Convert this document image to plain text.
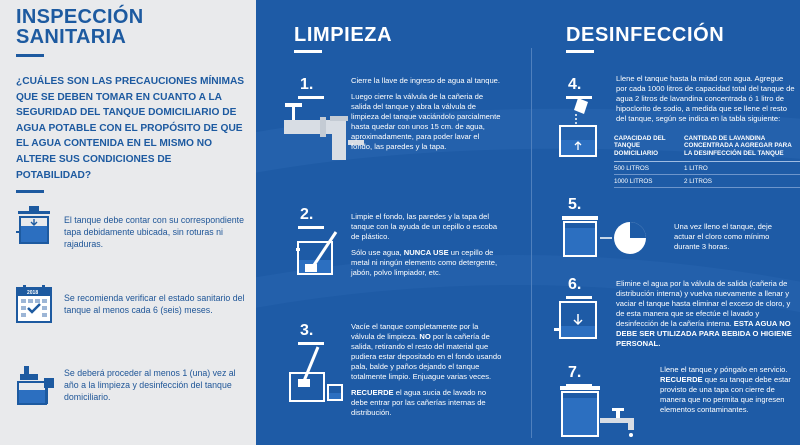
INSPECCIÓN
SANITARIA
¿CUÁLES SON LAS PRECAUCIONES MÍNIMAS QUE SE DEBEN TOMAR EN CUANTO A LA SEGURIDAD DEL TANQUE DOMICILIARIO DE AGUA POTABLE CON EL PROPÓSITO DE QUE EL AGUA CONTENIDA EN EL MISMO NO ALTERE SUS CONDICIONES DE POTABILIDAD?
El tanque debe contar con su correspondiente tapa debidamente ubicada, sin roturas ni rajaduras.
2018	Se recomienda verificar el estado sanitario del tanque al menos cada 6 (seis) meses.
Se deberá proceder al menos 1 (una) vez al año a la limpieza y desinfección del tanque domiciliario.
LIMPIEZA
1.	Cierre la llave de ingreso de agua al tanque.

Luego cierre la válvula de la cañeria de salida del tanque y abra la válvula de limpieza del tanque vaciándolo parcialmente hasta quedar con unos 15 cm. de agua, aproximadamente, para poder lavar el fondo, las paredes y la tapa.

2.	Limpie el fondo, las paredes y la tapa del tanque con la ayuda de un cepillo o escoba de plástico.

Sólo use agua, NUNCA USE un cepillo de metal ni ningún elemento como detergente, jabón, polvo limpiador, etc.

3.	Vacíe el tanque completamente por la válvula de limpieza. NO por la cañería de salida, retirando el resto del material que pudiera estar depositado en el fondo usando pala, balde y paños dejando el tanque totalmente limpio. Enjuague varias veces.

RECUERDE el agua sucia de lavado no debe entrar por las cañerías internas de distribución.

DESINFECCIÓN
4.	Llene el tanque hasta la mitad con agua. Agregue por cada 1000 litros de capacidad total del tanque de agua 2 litros de lavandina concentrada ó 1 litro de hipoclorito de sodio, a medida que se llene el resto del tanque, según se indica en la tabla siguiente:
CAPACIDAD DEL TANQUE DOMICILIARIO	CANTIDAD DE LAVANDINA CONCENTRADA A AGREGAR PARA LA DESINFECCIÓN DEL TANQUE
500 LITROS	1 LITRO
1000 LITROS	2 LITROS
5.
Una vez lleno el tanque, deje actuar el cloro como mínimo durante 3 horas.
6.	Elimine el agua por la válvula de salida (cañeria de distribución interna) y vuelva nuevamente a llenar y vaciar el tanque hasta eliminar el exceso de cloro, y de esta manera que se efectúe el lavado y desinfección de la cañería interna. ESTA AGUA NO DEBE SER UTILIZADA PARA BEBIDA O HIGIENE PERSONAL.
7.	Llene el tanque y póngalo en servicio. RECUERDE que su tanque debe estar provisto de una tapa con cierre de manera que no permita que ingresen elementos contaminantes.
